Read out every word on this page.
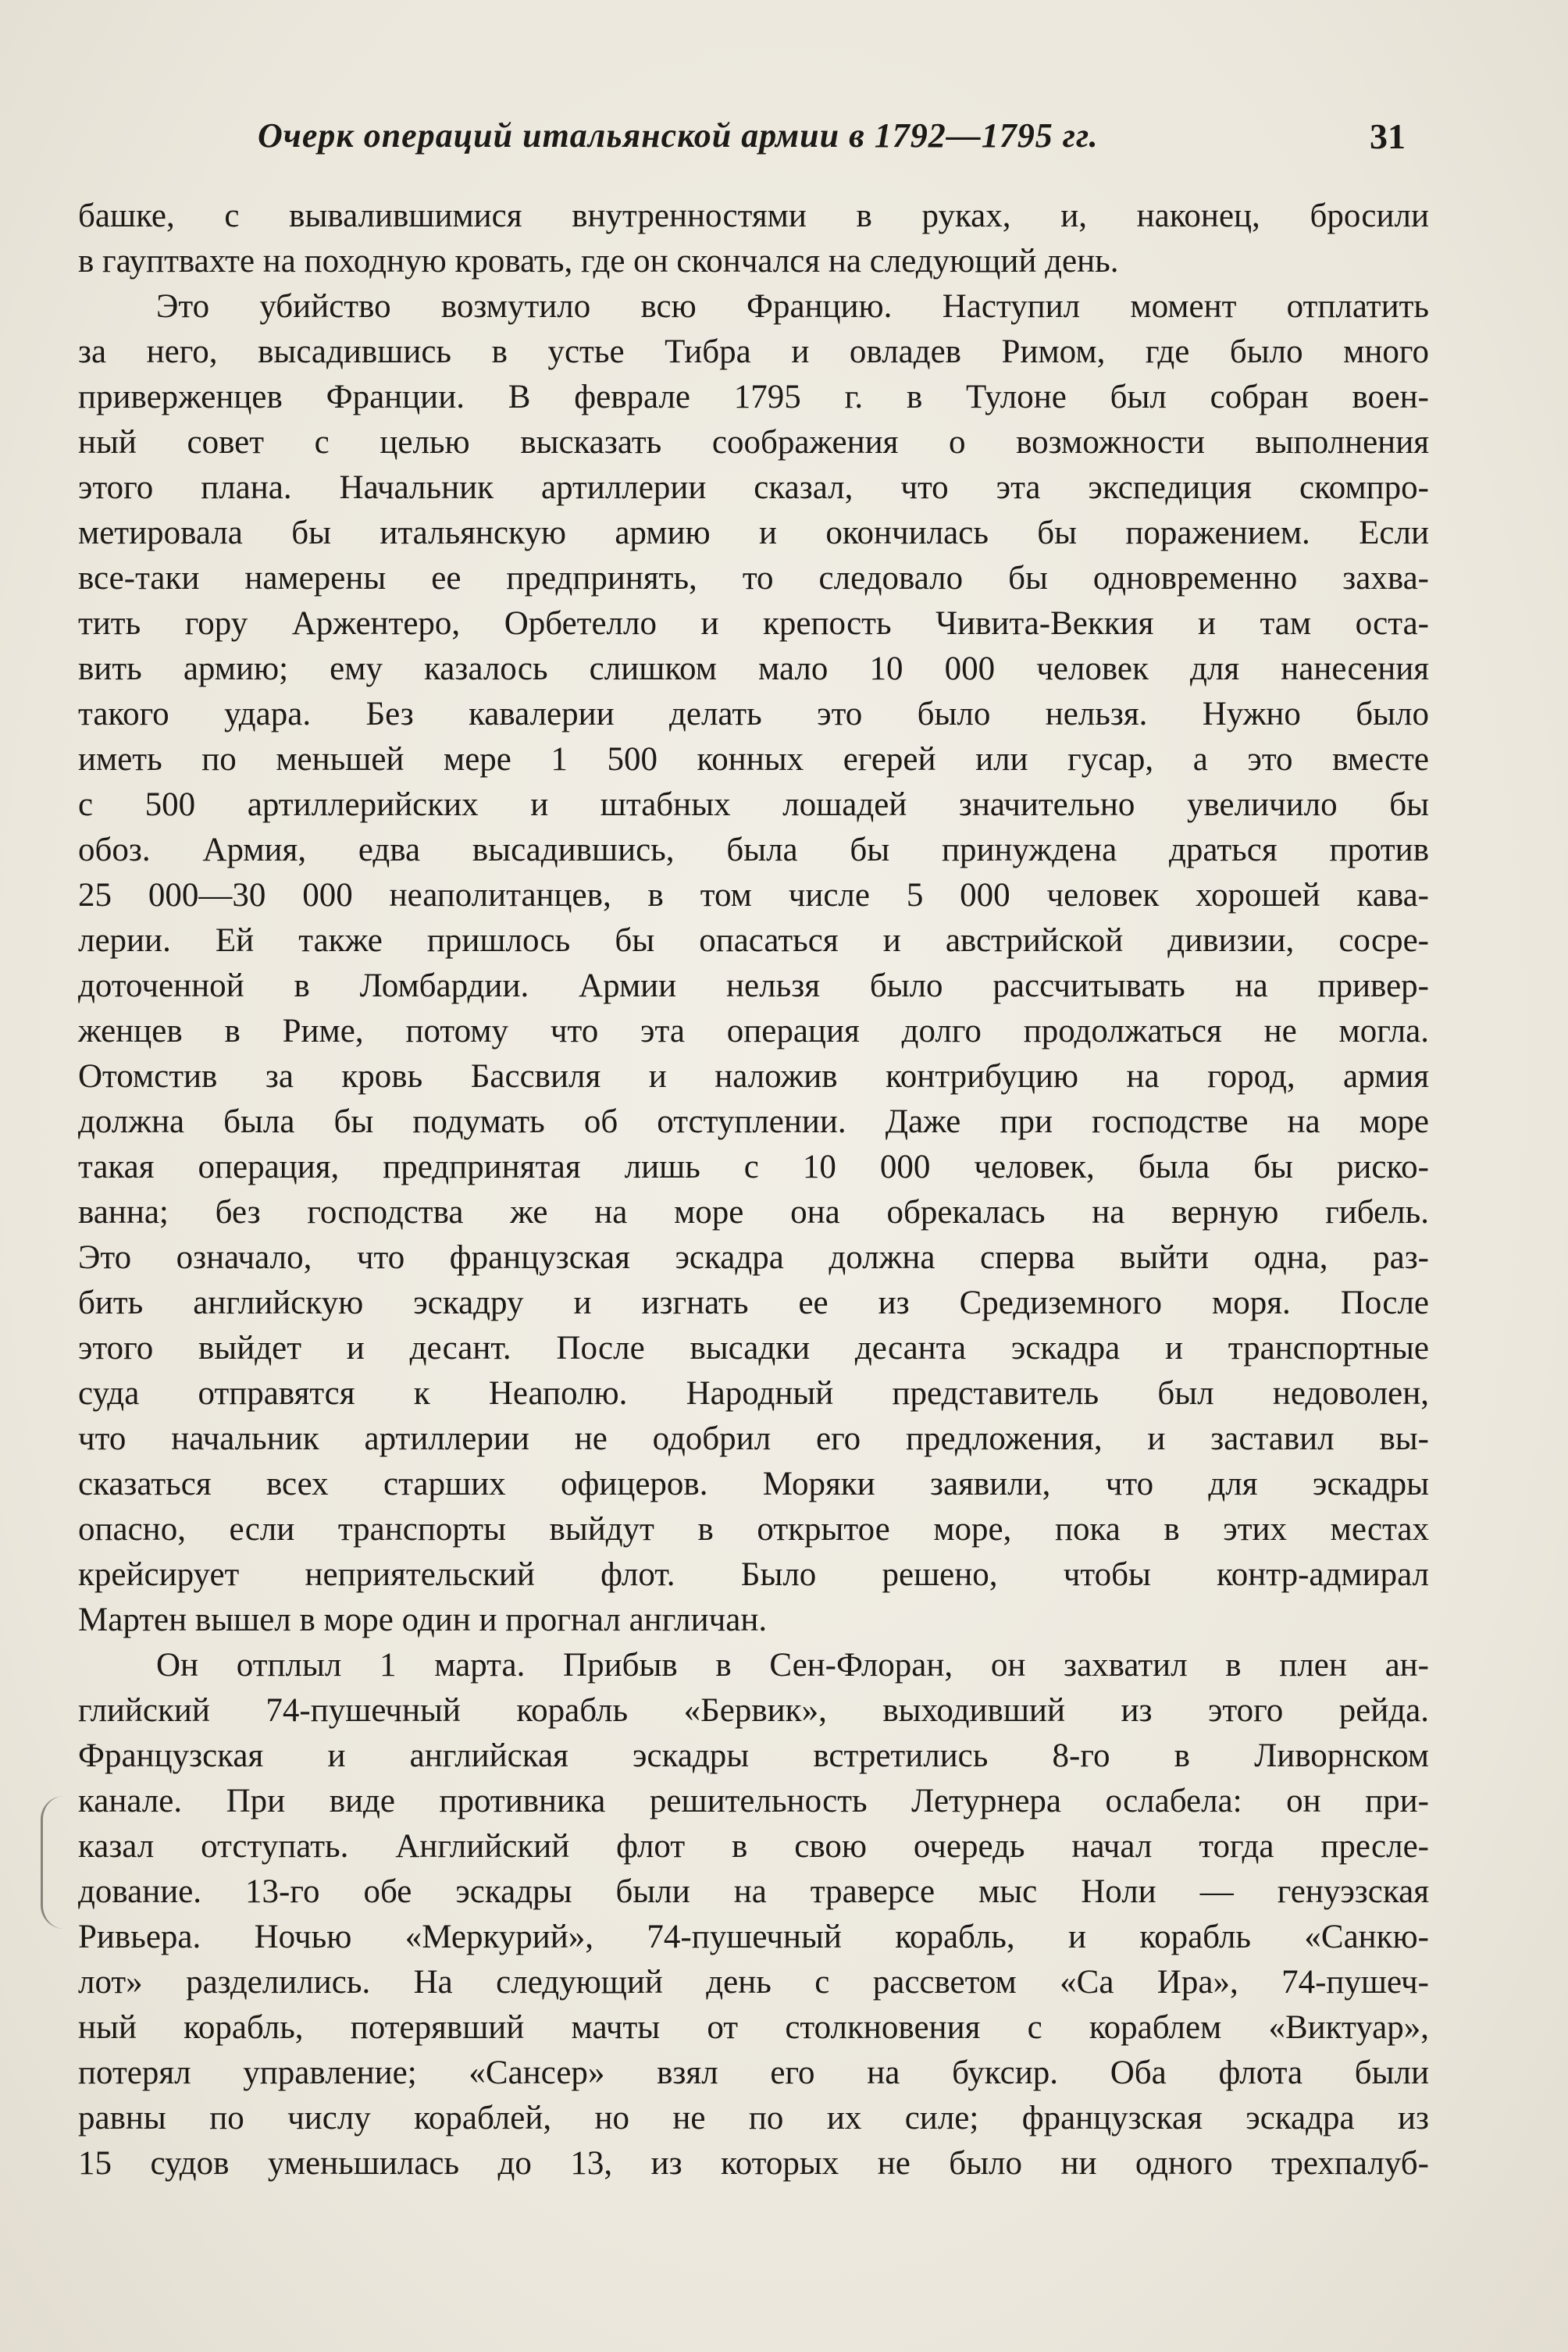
Очерк операций итальянской армии в 1792—1795 гг.	31
башке, с вывалившимися внутренностями в руках, и, наконец, бросили
в гауптвахте на походную кровать, где он скончался на следующий день.
Это убийство возмутило всю Францию. Наступил момент отплатить
за него, высадившись в устье Тибра и овладев Римом, где было много
приверженцев Франции. В феврале 1795 г. в Тулоне был собран воен-
ный совет с целью высказать соображения о возможности выполнения
этого плана. Начальник артиллерии сказал, что эта экспедиция скомпро-
метировала бы итальянскую армию и окончилась бы поражением. Если
все-таки намерены ее предпринять, то следовало бы одновременно захва-
тить гору Аржентеро, Орбетелло и крепость Чивита-Веккия и там оста-
вить армию; ему казалось слишком мало 10 000 человек для нанесения
такого удара. Без кавалерии делать это было нельзя. Нужно было
иметь по меньшей мере 1 500 конных егерей или гусар, а это вместе
с 500 артиллерийских и штабных лошадей значительно увеличило бы
обоз. Армия, едва высадившись, была бы принуждена драться против
25 000—30 000 неаполитанцев, в том числе 5 000 человек хорошей кава-
лерии. Ей также пришлось бы опасаться и австрийской дивизии, сосре-
доточенной в Ломбардии. Армии нельзя было рассчитывать на привер-
женцев в Риме, потому что эта операция долго продолжаться не могла.
Отомстив за кровь Бассвиля и наложив контрибуцию на город, армия
должна была бы подумать об отступлении. Даже при господстве на море
такая операция, предпринятая лишь с 10 000 человек, была бы риско-
ванна; без господства же на море она обрекалась на верную гибель.
Это означало, что французская эскадра должна сперва выйти одна, раз-
бить английскую эскадру и изгнать ее из Средиземного моря. После
этого выйдет и десант. После высадки десанта эскадра и транспортные
суда отправятся к Неаполю. Народный представитель был недоволен,
что начальник артиллерии не одобрил его предложения, и заставил вы-
сказаться всех старших офицеров. Моряки заявили, что для эскадры
опасно, если транспорты выйдут в открытое море, пока в этих местах
крейсирует неприятельский флот. Было решено, чтобы контр-адмирал
Мартен вышел в море один и прогнал англичан.
Он отплыл 1 марта. Прибыв в Сен-Флоран, он захватил в плен ан-
глийский 74-пушечный корабль «Бервик», выходивший из этого рейда.
Французская и английская эскадры встретились 8-го в Ливорнском
канале. При виде противника решительность Летурнера ослабела: он при-
казал отступать. Английский флот в свою очередь начал тогда пресле-
дование. 13-го обе эскадры были на траверсе мыс Ноли — генуэзская
Ривьера. Ночью «Меркурий», 74-пушечный корабль, и корабль «Санкю-
лот» разделились. На следующий день с рассветом «Са Ира», 74-пушеч-
ный корабль, потерявший мачты от столкновения с кораблем «Виктуар»,
потерял управление; «Сансер» взял его на буксир. Оба флота были
равны по числу кораблей, но не по их силе; французская эскадра из
15 судов уменьшилась до 13, из которых не было ни одного трехпалуб-
